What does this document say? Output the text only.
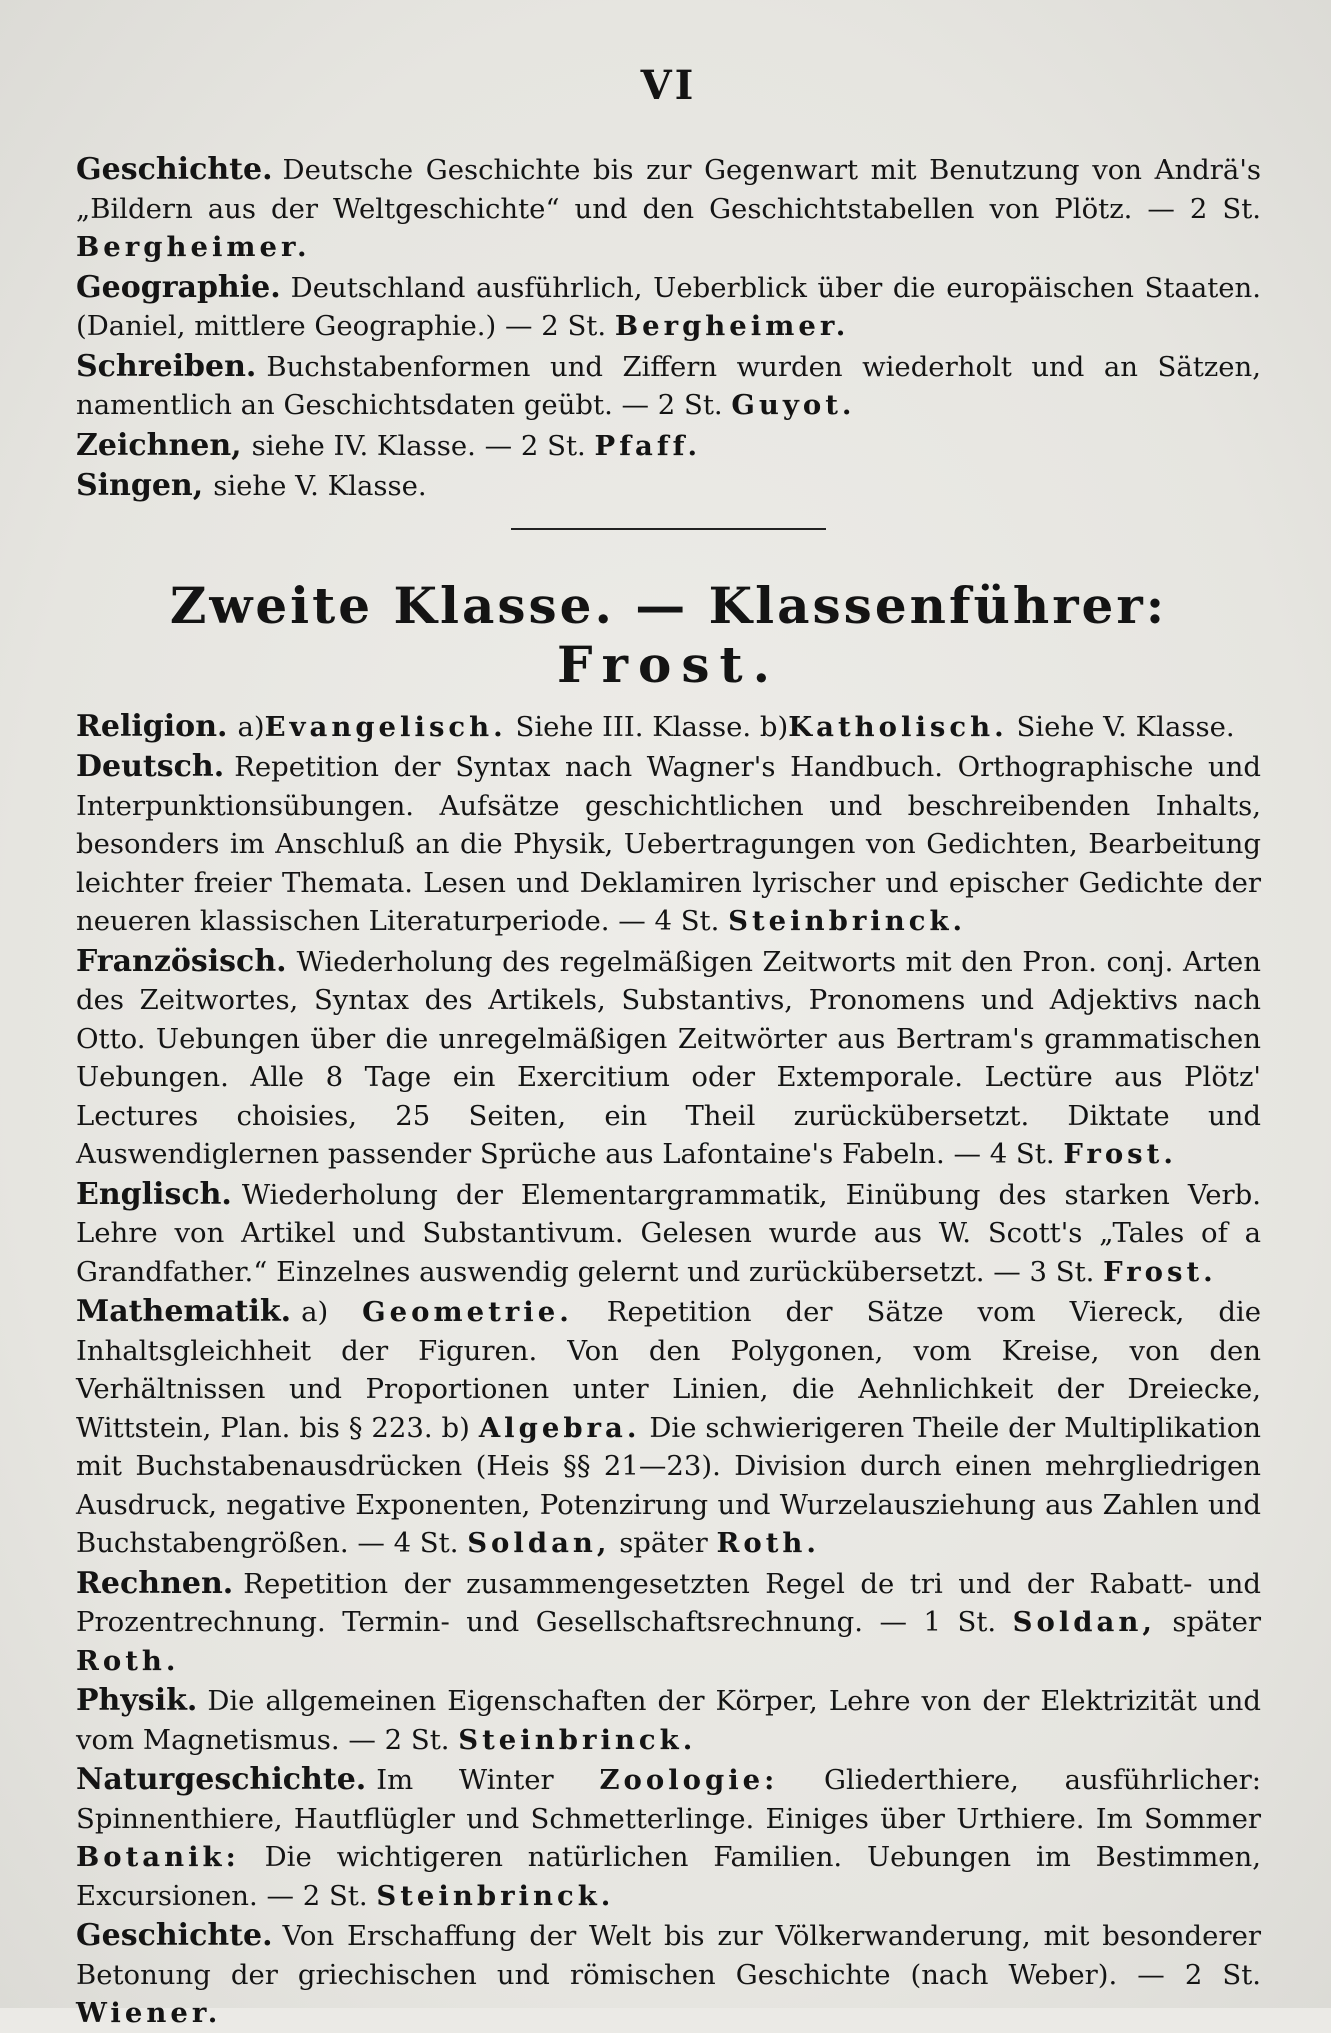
VI

Geschichte. Deutsche Geschichte bis zur Gegenwart mit Benutzung von Andrä's „Bildern aus der Weltgeschichte“ und den Geschichtstabellen von Plötz. — 2 St. Bergheimer.

Geographie. Deutschland ausführlich, Ueberblick über die europäischen Staaten. (Daniel, mittlere Geographie.) — 2 St. Bergheimer.

Schreiben. Buchstabenformen und Ziffern wurden wiederholt und an Sätzen, namentlich an Geschichtsdaten geübt. — 2 St. Guyot.

Zeichnen, siehe IV. Klasse. — 2 St. Pfaff.

Singen, siehe V. Klasse.

Zweite Klasse. — Klassenführer: Frost.

Religion. a)Evangelisch. Siehe III. Klasse. b)Katholisch. Siehe V. Klasse.

Deutsch. Repetition der Syntax nach Wagner's Handbuch. Orthographische und Interpunktionsübungen. Aufsätze geschichtlichen und beschreibenden Inhalts, besonders im Anschluß an die Physik, Uebertragungen von Gedichten, Bearbeitung leichter freier Themata. Lesen und Deklamiren lyrischer und epischer Gedichte der neueren klassischen Literaturperiode. — 4 St. Steinbrinck.

Französisch. Wiederholung des regelmäßigen Zeitworts mit den Pron. conj. Arten des Zeitwortes, Syntax des Artikels, Substantivs, Pronomens und Adjektivs nach Otto. Uebungen über die unregelmäßigen Zeitwörter aus Bertram's grammatischen Uebungen. Alle 8 Tage ein Exercitium oder Extemporale. Lectüre aus Plötz' Lectures choisies, 25 Seiten, ein Theil zurückübersetzt. Diktate und Auswendiglernen passender Sprüche aus Lafontaine's Fabeln. — 4 St. Frost.

Englisch. Wiederholung der Elementargrammatik, Einübung des starken Verb. Lehre von Artikel und Substantivum. Gelesen wurde aus W. Scott's „Tales of a Grandfather.“ Einzelnes auswendig gelernt und zurückübersetzt. — 3 St. Frost.

Mathematik. a) Geometrie. Repetition der Sätze vom Viereck, die Inhaltsgleichheit der Figuren. Von den Polygonen, vom Kreise, von den Verhältnissen und Proportionen unter Linien, die Aehnlichkeit der Dreiecke, Wittstein, Plan. bis § 223. b) Algebra. Die schwierigeren Theile der Multiplikation mit Buchstabenausdrücken (Heis §§ 21—23). Division durch einen mehrgliedrigen Ausdruck, negative Exponenten, Potenzirung und Wurzelausziehung aus Zahlen und Buchstabengrößen. — 4 St. Soldan, später Roth.

Rechnen. Repetition der zusammengesetzten Regel de tri und der Rabatt- und Prozentrechnung. Termin- und Gesellschaftsrechnung. — 1 St. Soldan, später Roth.

Physik. Die allgemeinen Eigenschaften der Körper, Lehre von der Elektrizität und vom Magnetismus. — 2 St. Steinbrinck.

Naturgeschichte. Im Winter Zoologie: Gliederthiere, ausführlicher: Spinnenthiere, Hautflügler und Schmetterlinge. Einiges über Urthiere. Im Sommer Botanik: Die wichtigeren natürlichen Familien. Uebungen im Bestimmen, Excursionen. — 2 St. Steinbrinck.

Geschichte. Von Erschaffung der Welt bis zur Völkerwanderung, mit besonderer Betonung der griechischen und römischen Geschichte (nach Weber). — 2 St. Wiener.
